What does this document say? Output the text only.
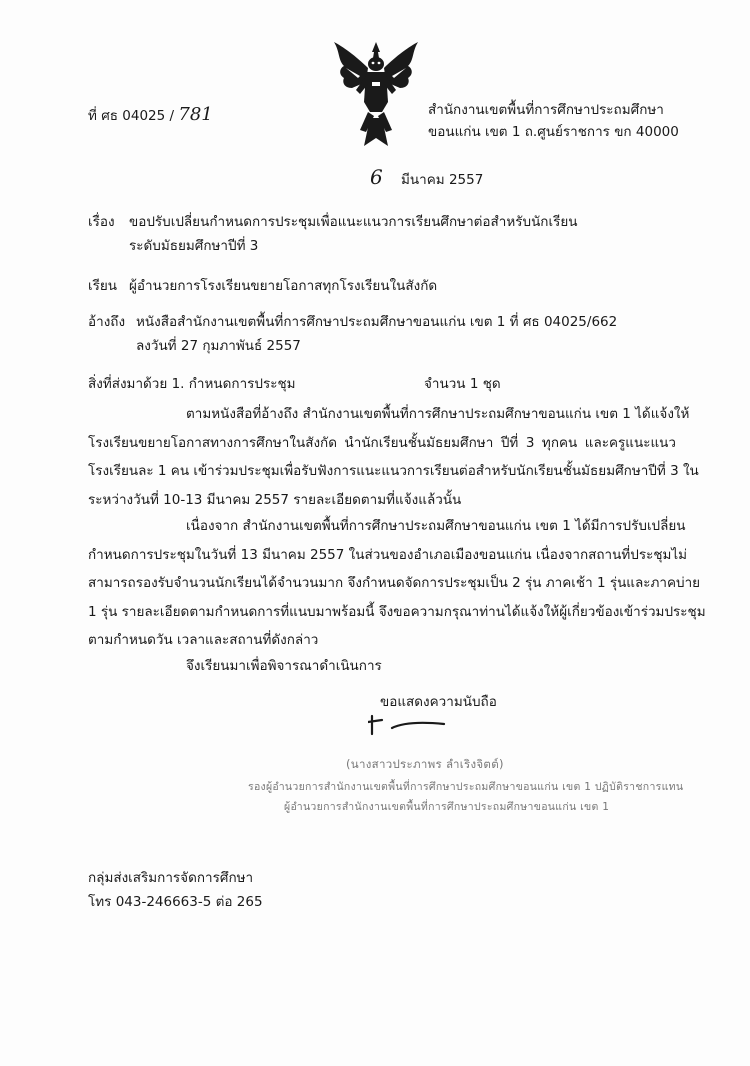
ที่ ศธ 04025 / 781	สำนักงานเขตพื้นที่การศึกษาประถมศึกษา
ขอนแก่น เขต 1 ถ.ศูนย์ราชการ ขก 40000
6 มีนาคม 2557
เรื่อง ขอปรับเปลี่ยนกำหนดการประชุมเพื่อแนะแนวการเรียนศึกษาต่อสำหรับนักเรียน
ระดับมัธยมศึกษาปีที่ 3
เรียน ผู้อำนวยการโรงเรียนขยายโอกาสทุกโรงเรียนในสังกัด
อ้างถึง หนังสือสำนักงานเขตพื้นที่การศึกษาประถมศึกษาขอนแก่น เขต 1 ที่ ศธ 04025/662
ลงวันที่ 27 กุมภาพันธ์ 2557
สิ่งที่ส่งมาด้วย 1. กำหนดการประชุม	จำนวน 1 ชุด
ตามหนังสือที่อ้างถึง สำนักงานเขตพื้นที่การศึกษาประถมศึกษาขอนแก่น เขต 1 ได้แจ้งให้
โรงเรียนขยายโอกาสทางการศึกษาในสังกัด นำนักเรียนชั้นมัธยมศึกษา ปีที่ 3 ทุกคน และครูแนะแนว
โรงเรียนละ 1 คน เข้าร่วมประชุมเพื่อรับฟังการแนะแนวการเรียนต่อสำหรับนักเรียนชั้นมัธยมศึกษาปีที่ 3 ใน
ระหว่างวันที่ 10-13 มีนาคม 2557 รายละเอียดตามที่แจ้งแล้วนั้น
เนื่องจาก สำนักงานเขตพื้นที่การศึกษาประถมศึกษาขอนแก่น เขต 1 ได้มีการปรับเปลี่ยน
กำหนดการประชุมในวันที่ 13 มีนาคม 2557 ในส่วนของอำเภอเมืองขอนแก่น เนื่องจากสถานที่ประชุมไม่
สามารถรองรับจำนวนนักเรียนได้จำนวนมาก จึงกำหนดจัดการประชุมเป็น 2 รุ่น ภาคเช้า 1 รุ่นและภาคบ่าย
1 รุ่น รายละเอียดตามกำหนดการที่แนบมาพร้อมนี้ จึงขอความกรุณาท่านได้แจ้งให้ผู้เกี่ยวข้องเข้าร่วมประชุม
ตามกำหนดวัน เวลาและสถานที่ดังกล่าว
จึงเรียนมาเพื่อพิจารณาดำเนินการ
ขอแสดงความนับถือ
(นางสาวประภาพร ลำเริงจิตต์)
รองผู้อำนวยการสำนักงานเขตพื้นที่การศึกษาประถมศึกษาขอนแก่น เขต 1 ปฏิบัติราชการแทน
ผู้อำนวยการสำนักงานเขตพื้นที่การศึกษาประถมศึกษาขอนแก่น เขต 1
กลุ่มส่งเสริมการจัดการศึกษา
โทร 043-246663-5 ต่อ 265
